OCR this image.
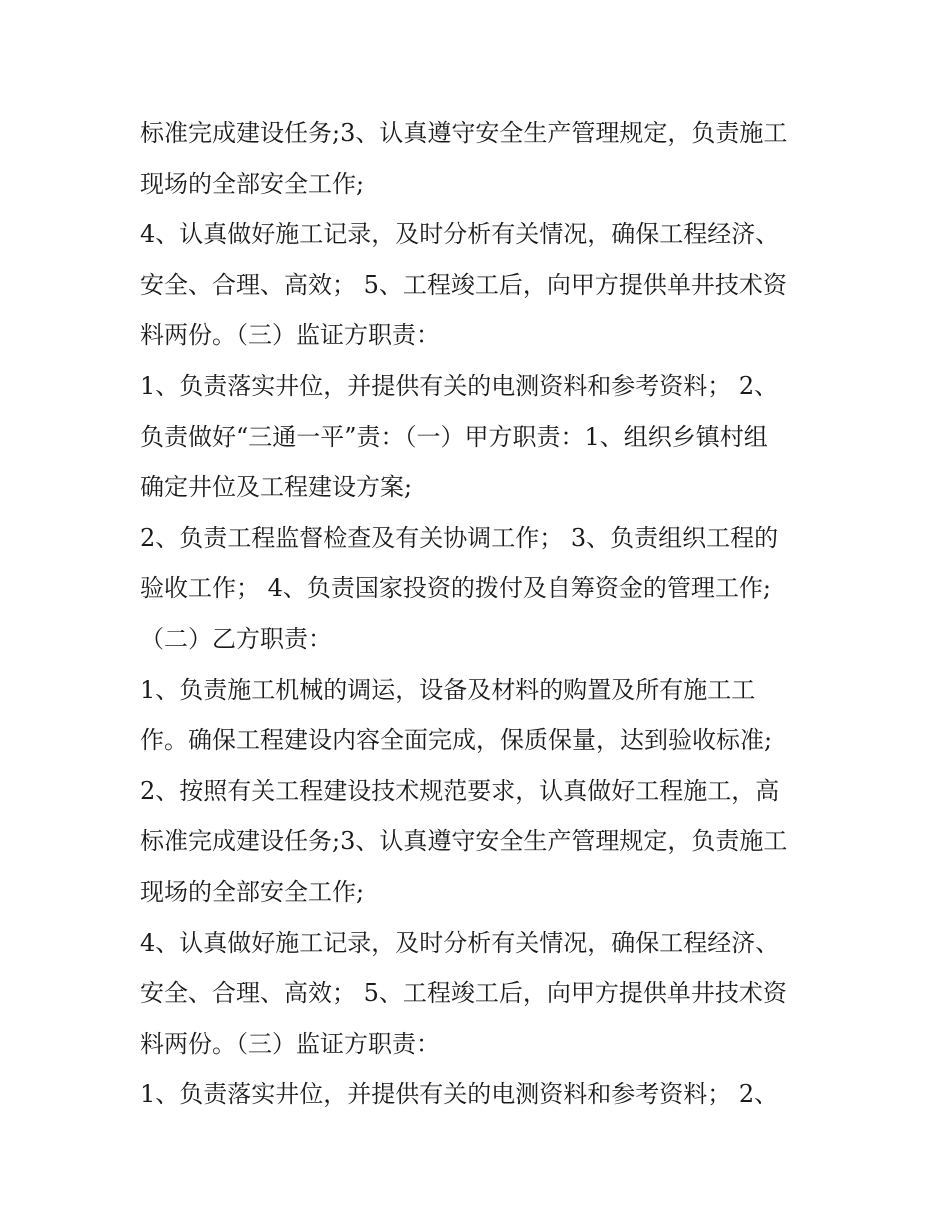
标准完成建设任务;3、认真遵守安全生产管理规定，负责施工
现场的全部安全工作;
4、认真做好施工记录，及时分析有关情况，确保工程经济、
安全、合理、高效； 5、工程竣工后，向甲方提供单井技术资
料两份。（三）监证方职责：
1、负责落实井位，并提供有关的电测资料和参考资料； 2、
负责做好“三通一平”责：（一）甲方职责：1、组织乡镇村组
确定井位及工程建设方案;
2、负责工程监督检查及有关协调工作； 3、负责组织工程的
验收工作； 4、负责国家投资的拨付及自筹资金的管理工作;
（二）乙方职责：
1、负责施工机械的调运，设备及材料的购置及所有施工工
作。确保工程建设内容全面完成，保质保量，达到验收标准;
2、按照有关工程建设技术规范要求，认真做好工程施工，高
标准完成建设任务;3、认真遵守安全生产管理规定，负责施工
现场的全部安全工作;
4、认真做好施工记录，及时分析有关情况，确保工程经济、
安全、合理、高效； 5、工程竣工后，向甲方提供单井技术资
料两份。（三）监证方职责：
1、负责落实井位，并提供有关的电测资料和参考资料； 2、
